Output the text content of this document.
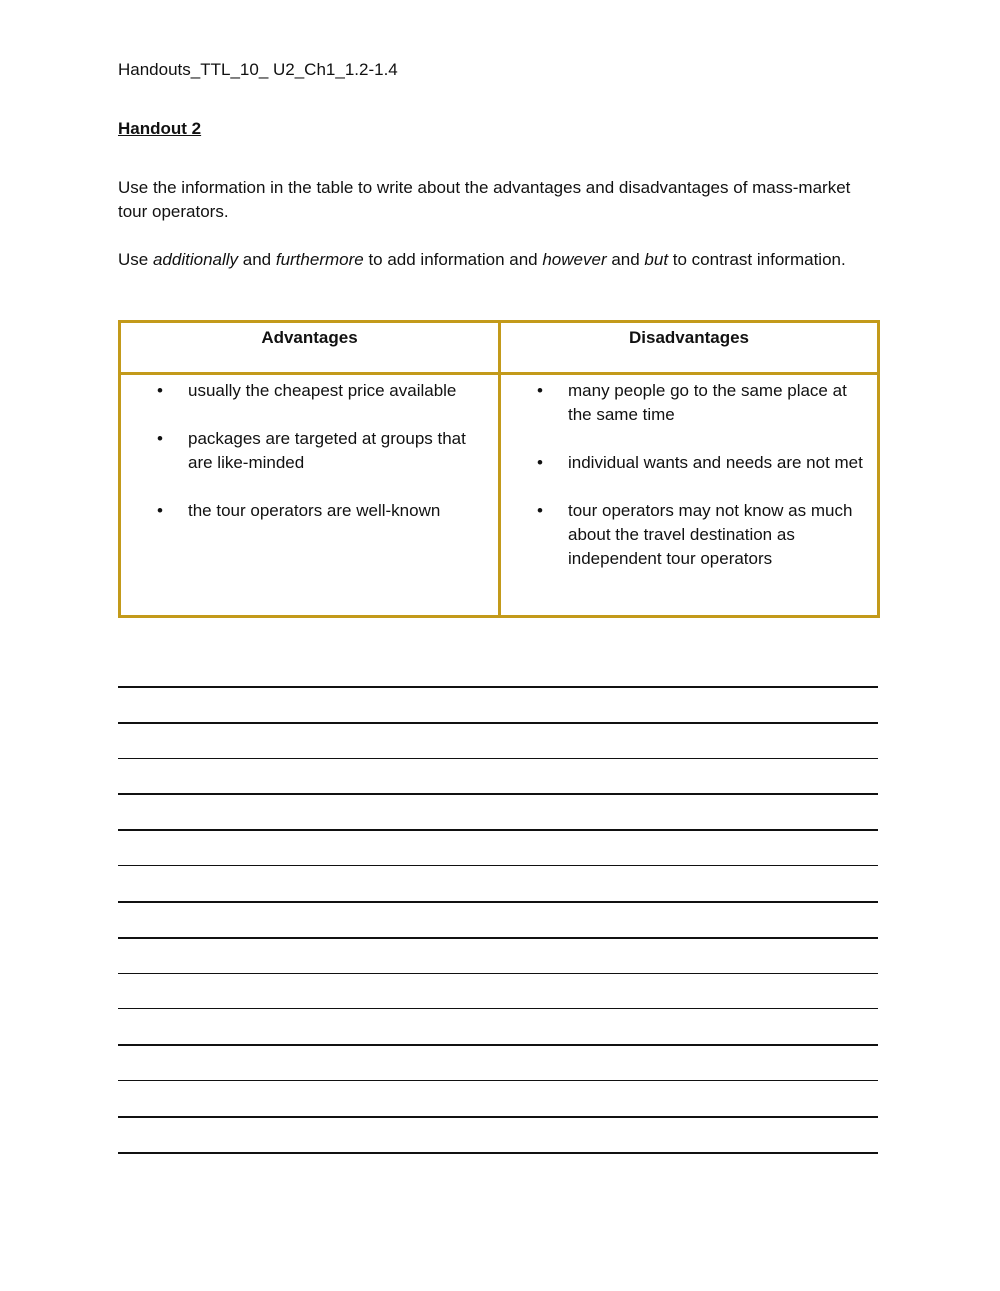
Handouts_TTL_10_ U2_Ch1_1.2-1.4
Handout 2

Use the information in the table to write about the advantages and disadvantages of mass-market tour operators.

Use additionally and furthermore to add information and however and but to contrast information.

Advantages	Disadvantages
• usually the cheapest price available
• packages are targeted at groups that are like-minded
• the tour operators are well-known
• many people go to the same place at the same time
• individual wants and needs are not met
• tour operators may not know as much about the travel destination as independent tour operators
